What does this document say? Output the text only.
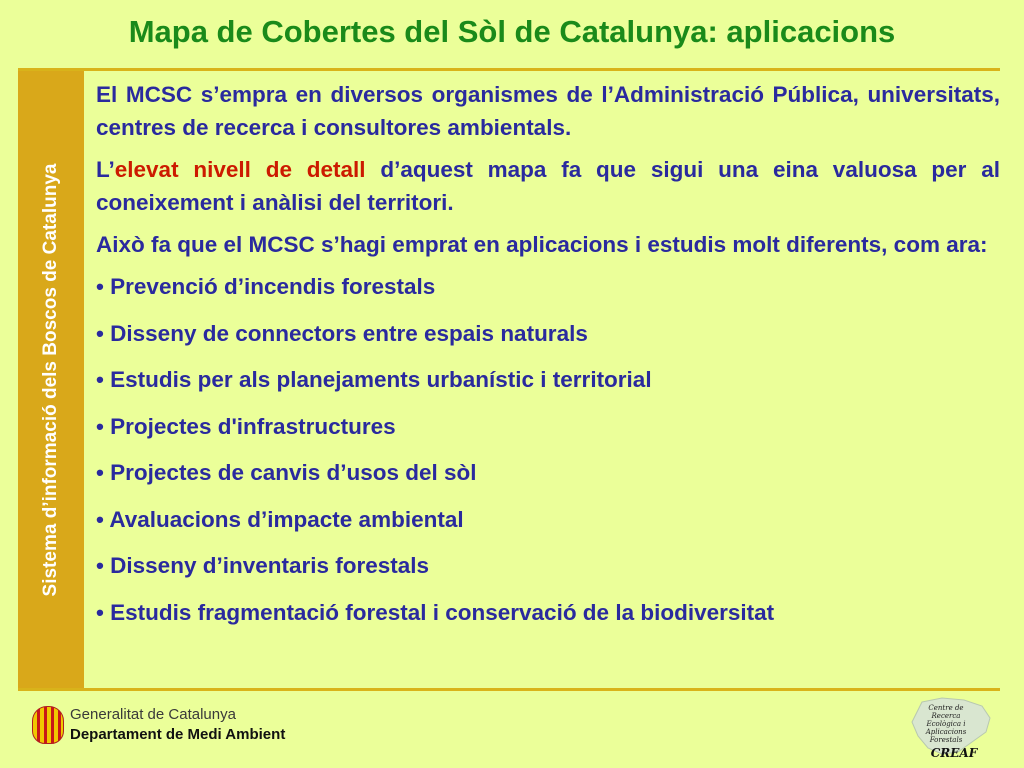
Mapa de Cobertes del Sòl de Catalunya: aplicacions
Sistema d’informació dels Boscos de Catalunya

El MCSC s’empra en diversos organismes de l’Administració Pública, universitats, centres de recerca i consultores ambientals.

L’elevat nivell de detall d’aquest mapa fa que sigui una eina valuosa per al coneixement i anàlisi del territori.

Això fa que el MCSC s’hagi emprat en aplicacions i estudis molt diferents, com ara:

• Prevenció d’incendis forestals
• Disseny de connectors entre espais naturals
• Estudis per als planejaments urbanístic i territorial
• Projectes d'infrastructures
• Projectes de canvis d’usos del sòl
• Avaluacions d’impacte ambiental
• Disseny d’inventaris forestals
• Estudis fragmentació forestal i conservació de la biodiversitat
Generalitat de Catalunya
Departament de Medi Ambient
Centre de
Recerca
Ecològica i
Aplicacions
Forestals
CREAF
